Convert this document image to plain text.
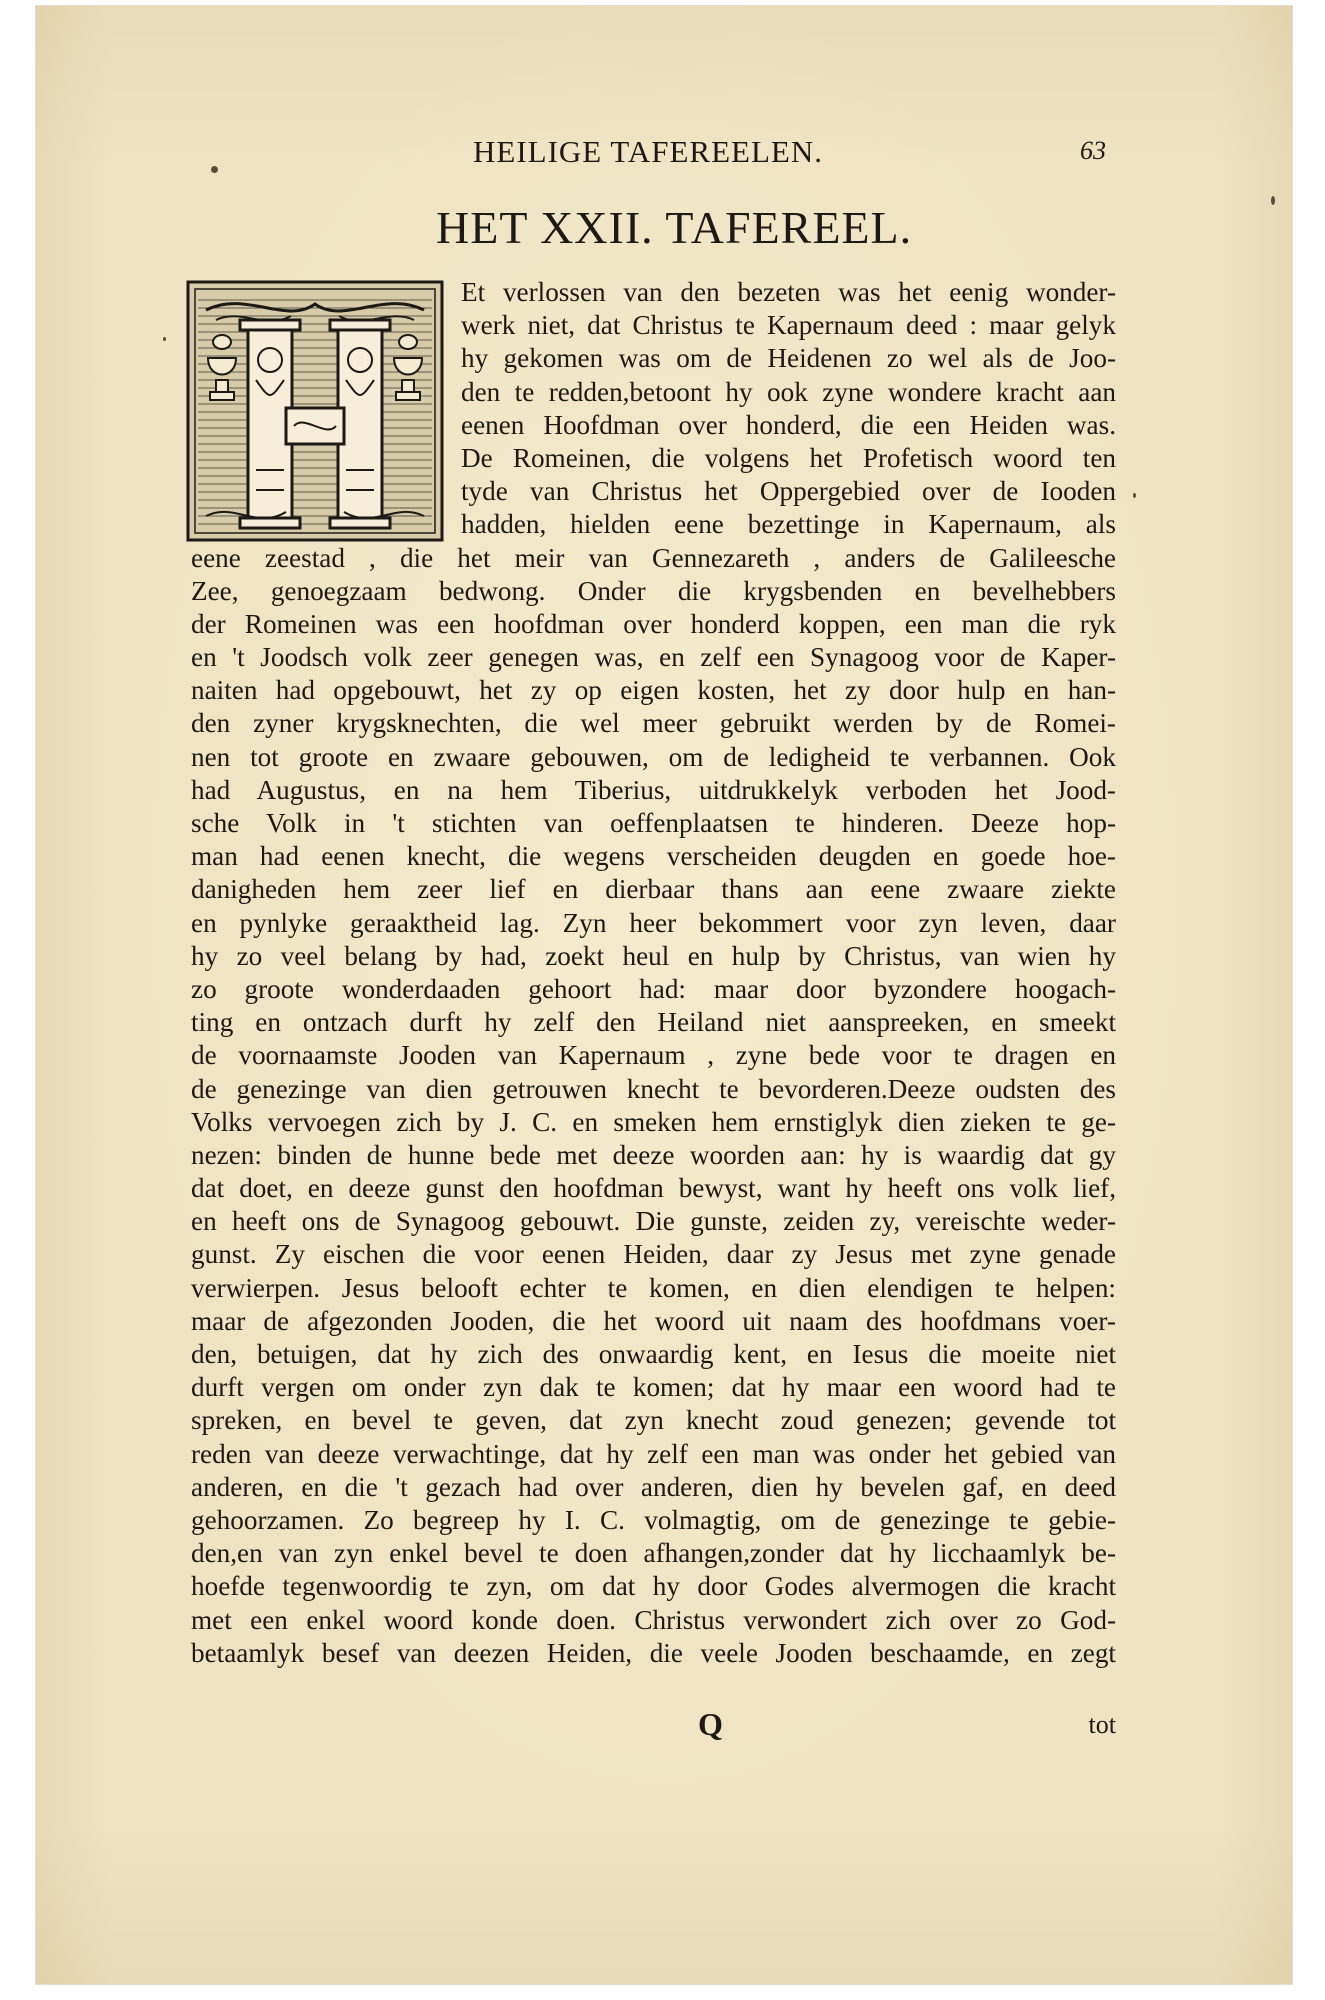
HEILIGE TAFEREELEN.	63
HET XXII. TAFEREEL.
Et verlossen van den bezeten was het eenig wonder-
werk niet, dat Christus te Kapernaum deed : maar gelyk
hy gekomen was om de Heidenen zo wel als de Joo-
den te redden,betoont hy ook zyne wondere kracht aan
eenen Hoofdman over honderd, die een Heiden was.
De Romeinen, die volgens het Profetisch woord ten
tyde van Christus het Oppergebied over de Iooden
hadden, hielden eene bezettinge in Kapernaum, als
eene zeestad , die het meir van Gennezareth , anders de Galileesche
Zee, genoegzaam bedwong. Onder die krygsbenden en bevelhebbers
der Romeinen was een hoofdman over honderd koppen, een man die ryk
en 't Joodsch volk zeer genegen was, en zelf een Synagoog voor de Kaper-
naiten had opgebouwt, het zy op eigen kosten, het zy door hulp en han-
den zyner krygsknechten, die wel meer gebruikt werden by de Romei-
nen tot groote en zwaare gebouwen, om de ledigheid te verbannen. Ook
had Augustus, en na hem Tiberius, uitdrukkelyk verboden het Jood-
sche Volk in 't stichten van oeffenplaatsen te hinderen. Deeze hop-
man had eenen knecht, die wegens verscheiden deugden en goede hoe-
danigheden hem zeer lief en dierbaar thans aan eene zwaare ziekte
en pynlyke geraaktheid lag. Zyn heer bekommert voor zyn leven, daar
hy zo veel belang by had, zoekt heul en hulp by Christus, van wien hy
zo groote wonderdaaden gehoort had: maar door byzondere hoogach-
ting en ontzach durft hy zelf den Heiland niet aanspreeken, en smeekt
de voornaamste Jooden van Kapernaum , zyne bede voor te dragen en
de genezinge van dien getrouwen knecht te bevorderen.Deeze oudsten des
Volks vervoegen zich by J. C. en smeken hem ernstiglyk dien zieken te ge-
nezen: binden de hunne bede met deeze woorden aan: hy is waardig dat gy
dat doet, en deeze gunst den hoofdman bewyst, want hy heeft ons volk lief,
en heeft ons de Synagoog gebouwt. Die gunste, zeiden zy, vereischte weder-
gunst. Zy eischen die voor eenen Heiden, daar zy Jesus met zyne genade
verwierpen. Jesus belooft echter te komen, en dien elendigen te helpen:
maar de afgezonden Jooden, die het woord uit naam des hoofdmans voer-
den, betuigen, dat hy zich des onwaardig kent, en Iesus die moeite niet
durft vergen om onder zyn dak te komen; dat hy maar een woord had te
spreken, en bevel te geven, dat zyn knecht zoud genezen; gevende tot
reden van deeze verwachtinge, dat hy zelf een man was onder het gebied van
anderen, en die 't gezach had over anderen, dien hy bevelen gaf, en deed
gehoorzamen. Zo begreep hy I. C. volmagtig, om de genezinge te gebie-
den,en van zyn enkel bevel te doen afhangen,zonder dat hy licchaamlyk be-
hoefde tegenwoordig te zyn, om dat hy door Godes alvermogen die kracht
met een enkel woord konde doen. Christus verwondert zich over zo God-
betaamlyk besef van deezen Heiden, die veele Jooden beschaamde, en zegt
Q	tot
